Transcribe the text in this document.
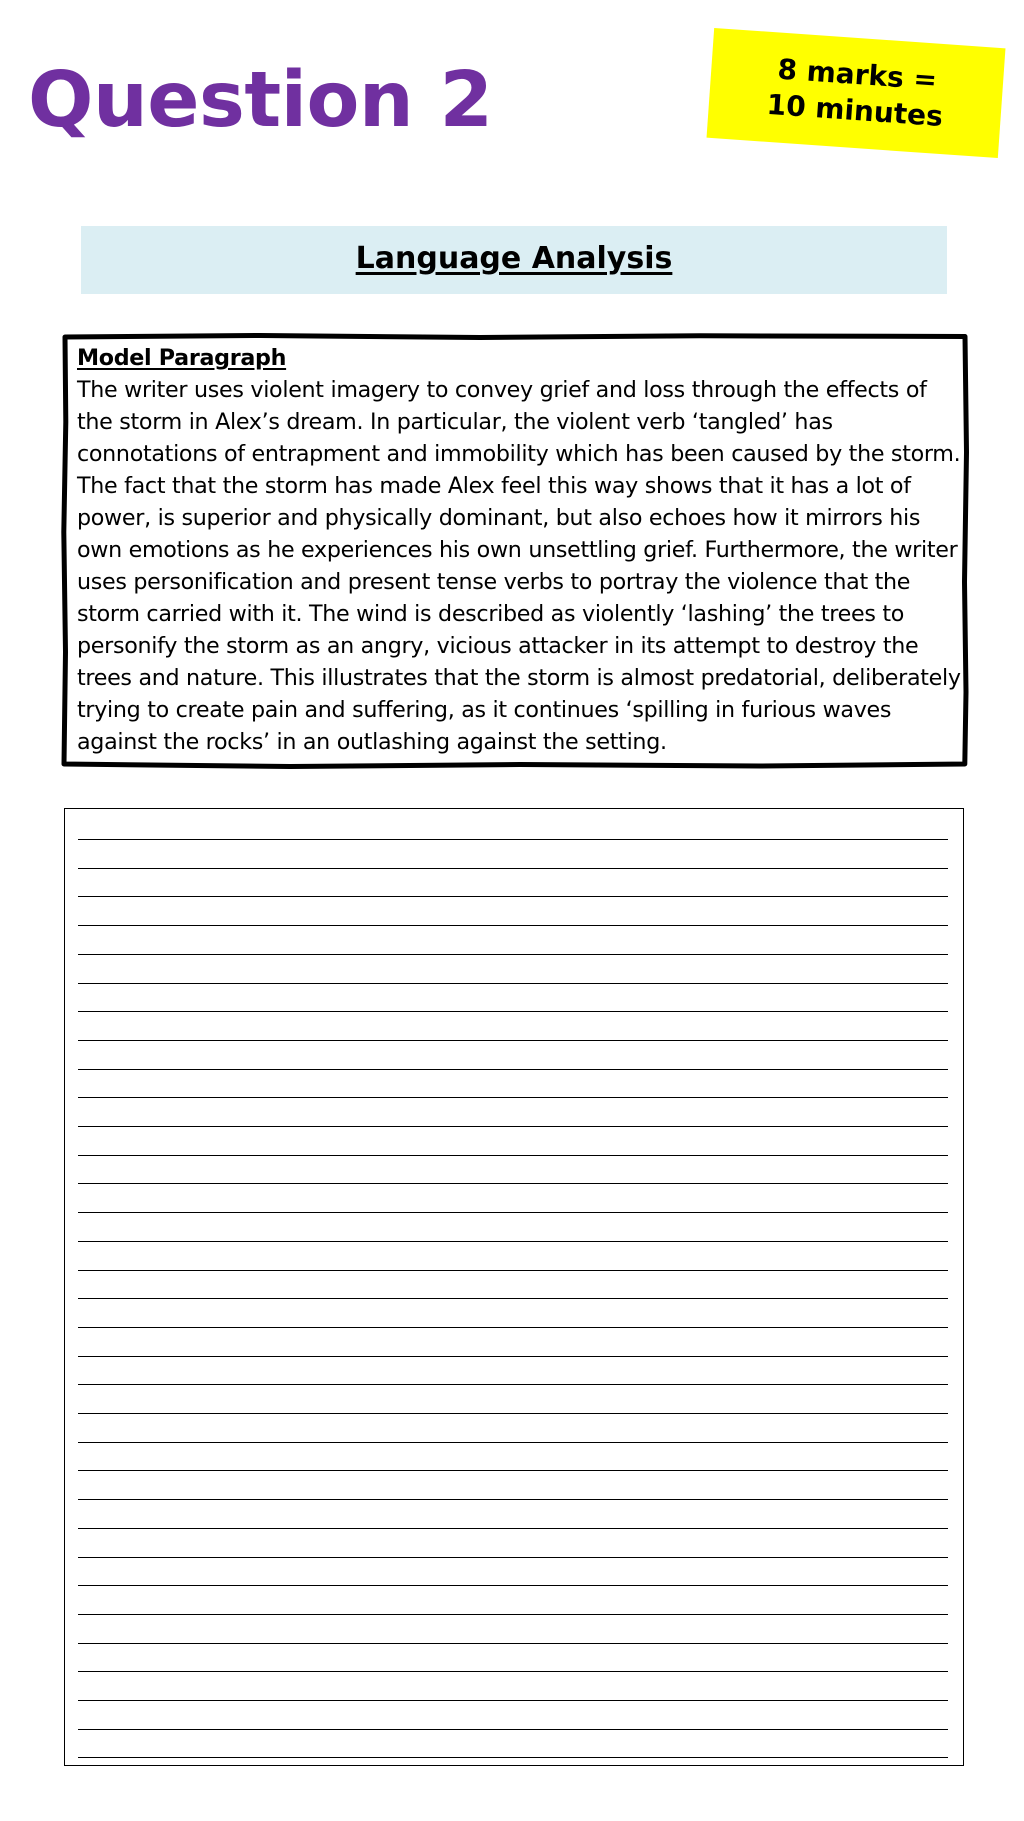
Question 2	8 marks =
10 minutes
Language Analysis
Model Paragraph
The writer uses violent imagery to convey grief and loss through the effects of the storm in Alex’s dream. In particular, the violent verb ‘tangled’ has connotations of entrapment and immobility which has been caused by the storm. The fact that the storm has made Alex feel this way shows that it has a lot of power, is superior and physically dominant, but also echoes how it mirrors his own emotions as he experiences his own unsettling grief. Furthermore, the writer uses personification and present tense verbs to portray the violence that the storm carried with it. The wind is described as violently ‘lashing’ the trees to personify the storm as an angry, vicious attacker in its attempt to destroy the trees and nature. This illustrates that the storm is almost predatorial, deliberately trying to create pain and suffering, as it continues ‘spilling in furious waves against the rocks’ in an outlashing against the setting.
